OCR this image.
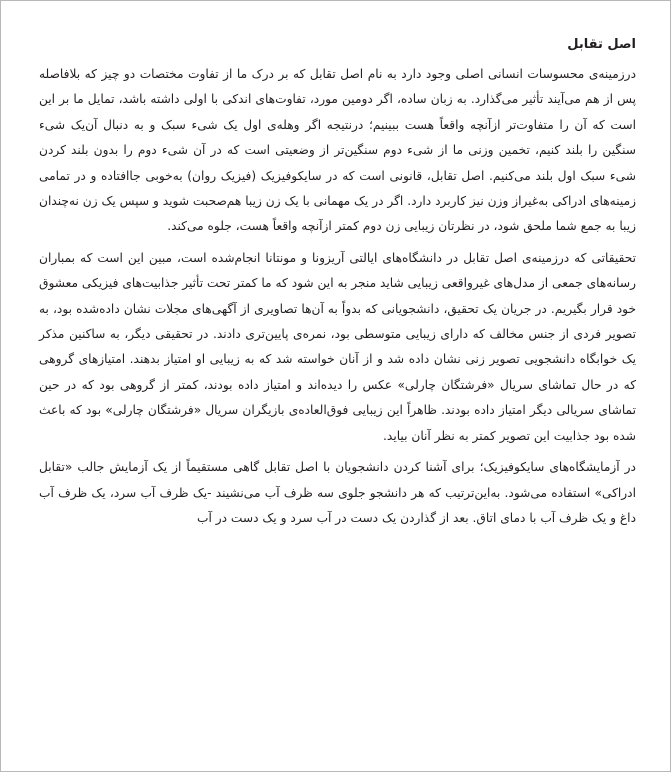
اصل تقابل

درزمینه‌ی محسوسات انسانی اصلی وجود دارد به نام اصل تقابل که بر درک ما از تفاوت مختصات دو چیز که بلافاصله پس از هم می‌آیند تأثیر می‌گذارد. به زبان ساده، اگر دومین مورد، تفاوت‌های اندکی با اولی داشته باشد، تمایل ما بر این است که آن را متفاوت‌تر ازآنچه واقعاً هست ببینیم؛ درنتیجه اگر وهله‌ی اول یک شیء سبک و به دنبال آن‌یک شیء سنگین را بلند کنیم، تخمین وزنی ما از شیء دوم سنگین‌تر از وضعیتی است که در آن شیء دوم را بدون بلند کردن شیء سبک اول بلند می‌کنیم. اصل تقابل، قانونی است که در سایکوفیزیک (فیزیک روان) به‌خوبی جاافتاده و در تمامی زمینه‌های ادراکی به‌غیراز وزن نیز کاربرد دارد. اگر در یک مهمانی با یک زن زیبا هم‌صحبت شوید و سپس یک زن نه‌چندان زیبا به جمع شما ملحق شود، در نظرتان زیبایی زن دوم کمتر ازآنچه واقعاً هست، جلوه می‌کند.

تحقیقاتی که درزمینه‌ی اصل تقابل در دانشگاه‌های ایالتی آریزونا و مونتانا انجام‌شده است، مبین این است که بمباران رسانه‌های جمعی از مدل‌های غیرواقعی زیبایی شاید منجر به این شود که ما کمتر تحت تأثیر جذابیت‌های فیزیکی معشوق خود قرار بگیریم. در جریان یک تحقیق، دانشجویانی که بدواً به آن‌ها تصاویری از آگهی‌های مجلات نشان داده‌شده بود، به تصویر فردی از جنس مخالف که دارای زیبایی متوسطی بود، نمره‌ی پایین‌تری دادند. در تحقیقی دیگر، به ساکنین مذکر یک خوابگاه دانشجویی تصویر زنی نشان داده شد و از آنان خواسته شد که به زیبایی او امتیاز بدهند. امتیازهای گروهی که در حال تماشای سریال «فرشتگان چارلی» عکس را دیده‌اند و امتیاز داده بودند، کمتر از گروهی بود که در حین تماشای سریالی دیگر امتیاز داده بودند. ظاهراً این زیبایی فوق‌العاده‌ی بازیگران سریال «فرشتگان چارلی» بود که باعث شده بود جذابیت این تصویر کمتر به نظر آنان بیاید.

در آزمایشگاه‌های سایکوفیزیک؛ برای آشنا کردن دانشجویان با اصل تقابل گاهی مستقیماً از یک آزمایش جالب «تقابل ادراکی» استفاده می‌شود. به‌این‌ترتیب که هر دانشجو جلوی سه ظرف آب می‌نشیند -یک ظرف آب سرد، یک ظرف آب داغ و یک ظرف آب با دمای اتاق. بعد از گذاردن یک دست در آب سرد و یک دست در آب
